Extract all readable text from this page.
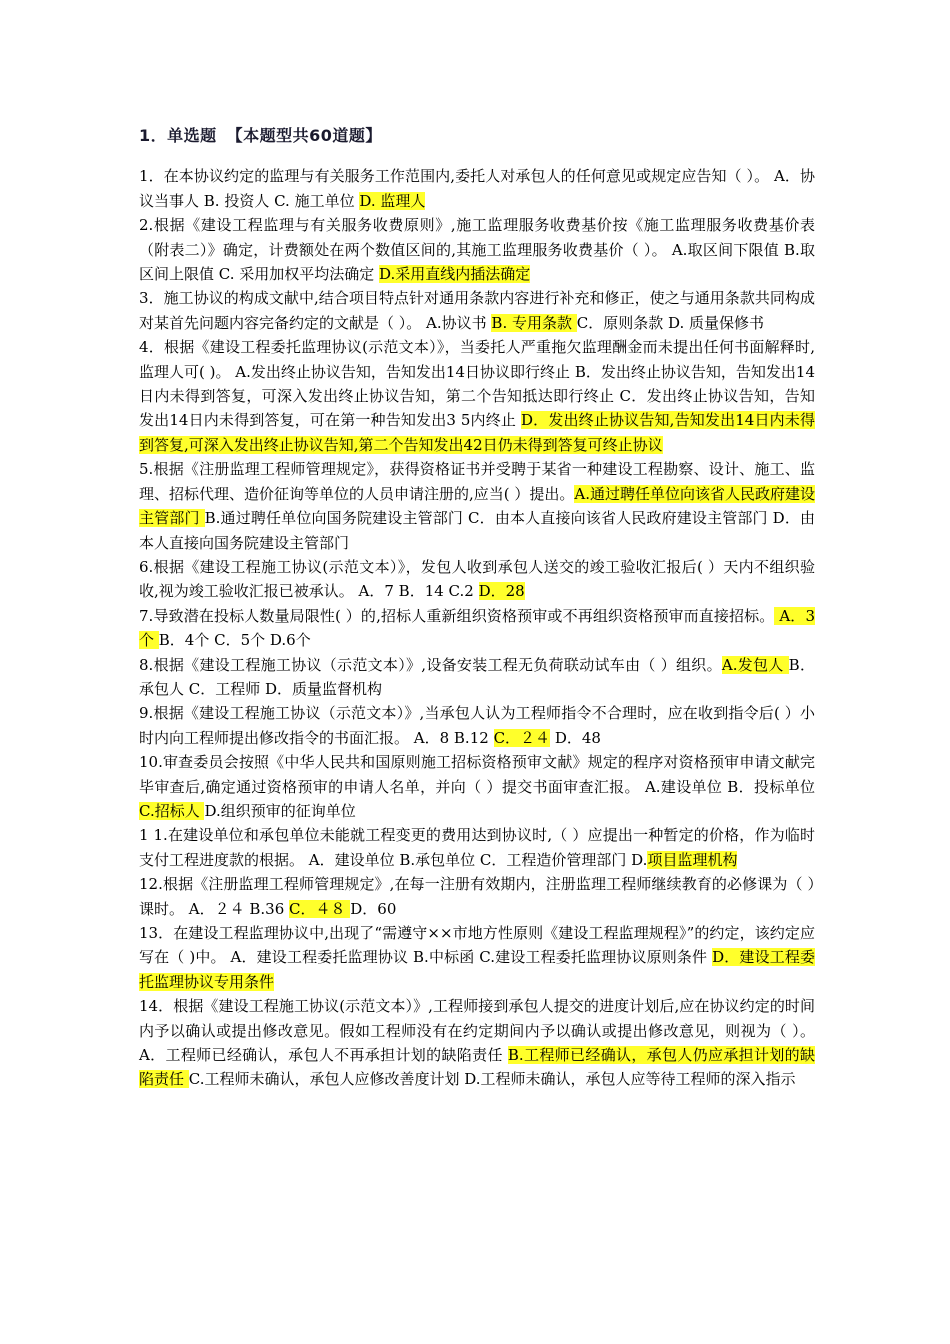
1．单选题 【本题型共60道题】

1．在本协议约定的监理与有关服务工作范围内,委托人对承包人的任何意见或规定应告知（ ）。 A．协议当事人 B. 投资人 C. 施工单位 D. 监理人

2.根据《建设工程监理与有关服务收费原则》,施工监理服务收费基价按《施工监理服务收费基价表（附表二）》确定，计费额处在两个数值区间的,其施工监理服务收费基价（ ）。 A.取区间下限值 B.取区间上限值 C. 采用加权平均法确定 D.采用直线内插法确定

3．施工协议的构成文献中,结合项目特点针对通用条款内容进行补充和修正，使之与通用条款共同构成对某首先问题内容完备约定的文献是（ ）。 A.协议书 B. 专用条款 C．原则条款 D. 质量保修书

4．根据《建设工程委托监理协议(示范文本）》，当委托人严重拖欠监理酬金而未提出任何书面解释时,监理人可( )。 A.发出终止协议告知，告知发出14日协议即行终止 B．发出终止协议告知，告知发出14日内未得到答复，可深入发出终止协议告知，第二个告知抵达即行终止 C．发出终止协议告知，告知发出14日内未得到答复，可在第一种告知发出3 5内终止 D．发出终止协议告知,告知发出14日内未得到答复,可深入发出终止协议告知,第二个告知发出42日仍未得到答复可终止协议

5.根据《注册监理工程师管理规定》，获得资格证书并受聘于某省一种建设工程勘察、设计、施工、监理、招标代理、造价征询等单位的人员申请注册的,应当( ）提出。A.通过聘任单位向该省人民政府建设主管部门 B.通过聘任单位向国务院建设主管部门 C．由本人直接向该省人民政府建设主管部门 D．由本人直接向国务院建设主管部门

6.根据《建设工程施工协议(示范文本）》，发包人收到承包人送交的竣工验收汇报后( ）天内不组织验收,视为竣工验收汇报已被承认。 A．7 B．14 C.2 D．28

7.导致潜在投标人数量局限性( ）的,招标人重新组织资格预审或不再组织资格预审而直接招标。 A．3个 B．4个 C．5个 D.6个

8.根据《建设工程施工协议（示范文本）》,设备安装工程无负荷联动试车由（ ）组织。A.发包人 B．承包人 C．工程师 D．质量监督机构

9.根据《建设工程施工协议（示范文本）》,当承包人认为工程师指令不合理时，应在收到指令后( ）小时内向工程师提出修改指令的书面汇报。 A．8 B.12 C．２４ D．48

10.审查委员会按照《中华人民共和国原则施工招标资格预审文献》规定的程序对资格预审申请文献完毕审查后,确定通过资格预审的申请人名单，并向（ ）提交书面审查汇报。 A.建设单位 B．投标单位 C.招标人 D.组织预审的征询单位

1 1.在建设单位和承包单位未能就工程变更的费用达到协议时,（ ）应提出一种暂定的价格，作为临时支付工程进度款的根据。 A．建设单位 B.承包单位 C．工程造价管理部门 D.项目监理机构

12.根据《注册监理工程师管理规定》,在每一注册有效期内，注册监理工程师继续教育的必修课为（ ）课时。 A．２４ B.36 C．４８ D．60

13．在建设工程监理协议中,出现了“需遵守××市地方性原则《建设工程监理规程》”的约定，该约定应写在（ )中。 A．建设工程委托监理协议 B.中标函 C.建设工程委托监理协议原则条件 D．建设工程委托监理协议专用条件

14．根据《建设工程施工协议(示范文本）》,工程师接到承包人提交的进度计划后,应在协议约定的时间内予以确认或提出修改意见。假如工程师没有在约定期间内予以确认或提出修改意见，则视为（ ）。 A．工程师已经确认，承包人不再承担计划的缺陷责任 B.工程师已经确认，承包人仍应承担计划的缺陷责任 C.工程师未确认，承包人应修改善度计划 D.工程师未确认，承包人应等待工程师的深入指示
